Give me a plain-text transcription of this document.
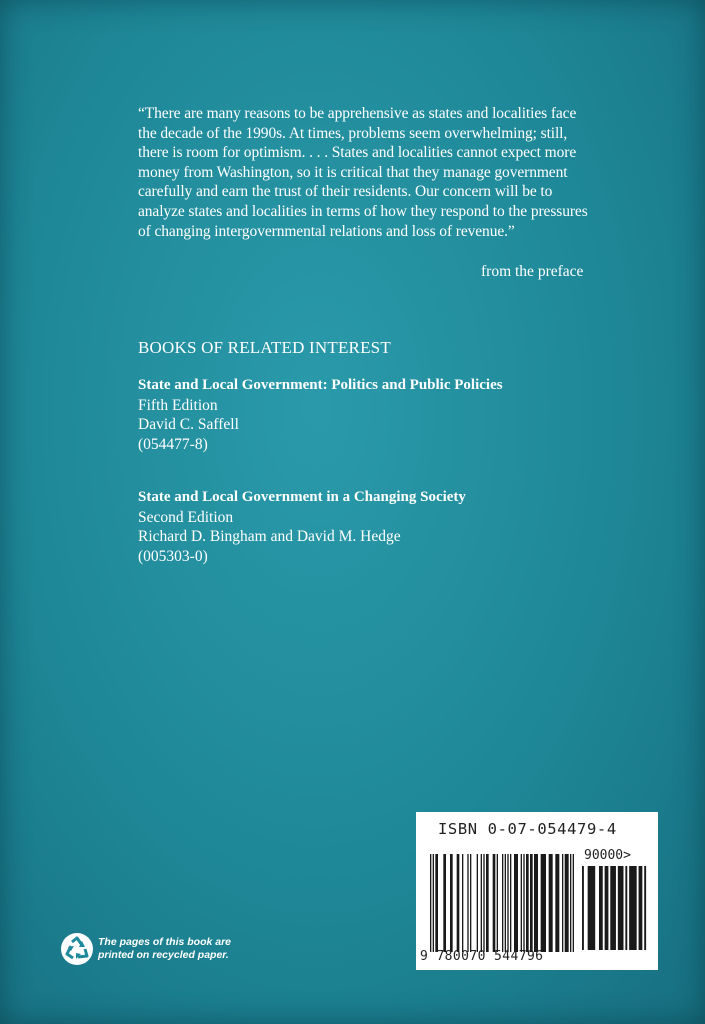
“There are many reasons to be apprehensive as states and localities face the decade of the 1990s. At times, problems seem overwhelming; still, there is room for optimism. . . . States and localities cannot expect more money from Washington, so it is critical that they manage government carefully and earn the trust of their residents. Our concern will be to analyze states and localities in terms of how they respond to the pressures of changing intergovernmental relations and loss of revenue.”
from the preface
BOOKS OF RELATED INTEREST
State and Local Government: Politics and Public Policies
Fifth Edition
David C. Saffell
(054477-8)
State and Local Government in a Changing Society
Second Edition
Richard D. Bingham and David M. Hedge
(005303-0)
The pages of this book are
printed on recycled paper.
ISBN 0-07-054479-4
90000>
9 780070 544796
